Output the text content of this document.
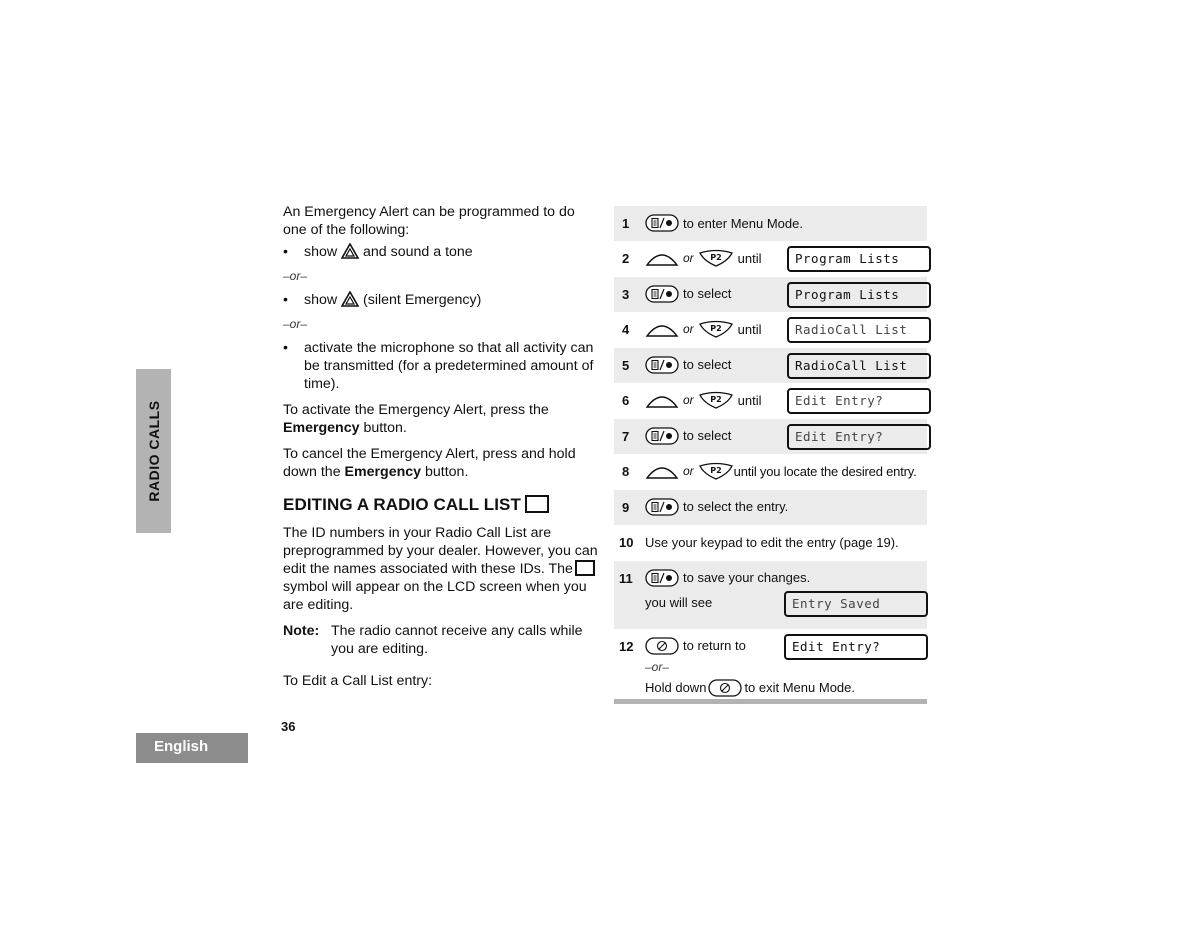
RADIO CALLS
English
36

An Emergency Alert can be programmed to do one of the following:

• show and sound a tone
–or–
• show (silent Emergency)
–or–
• activate the microphone so that all activity can be transmitted (for a predetermined amount of time).

To activate the Emergency Alert, press the Emergency button.

To cancel the Emergency Alert, press and hold down the Emergency button.

EDITING A RADIO CALL LIST

The ID numbers in your Radio Call List are preprogrammed by your dealer. However, you can edit the names associated with these IDs. Thesymbol will appear on the LCD screen when you are editing.

Note: The radio cannot receive any calls while you are editing.

To Edit a Call List entry:

1	to enter Menu Mode.
2	or	until	Program Lists
3	to select	Program Lists
4	or	until	RadioCall List
5	to select	RadioCall List
6	or	until	Edit Entry?
7	to select	Edit Entry?
8	or	until you locate the desired entry.
9	to select the entry.
10 Use your keypad to edit the entry (page 19).
11	to save your changes.
you will see	Entry Saved
12	to return to	Edit Entry?
–or–
Hold down	to exit Menu Mode.
